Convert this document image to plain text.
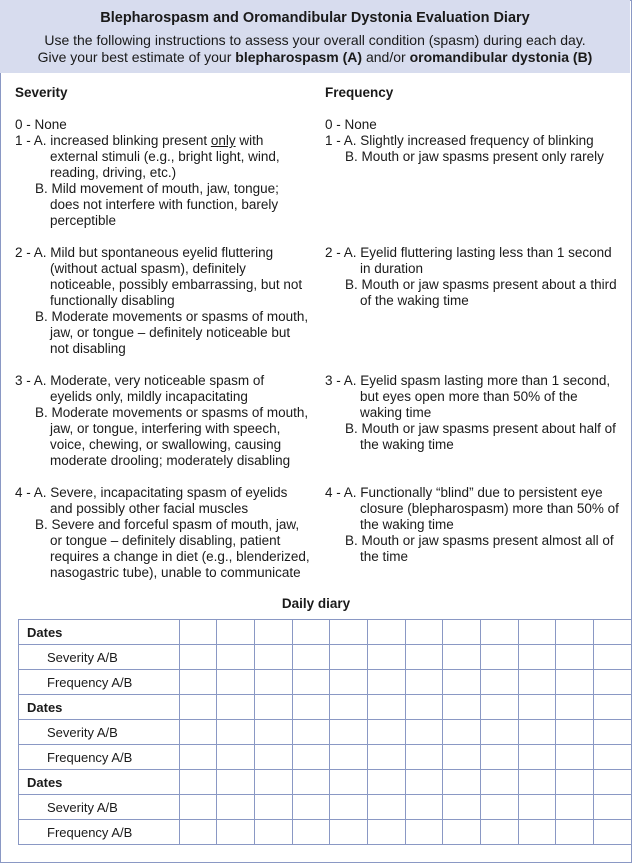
Blepharospasm and Oromandibular Dystonia Evaluation Diary
Use the following instructions to assess your overall condition (spasm) during each day.
Give your best estimate of your blepharospasm (A) and/or oromandibular dystonia (B)
Severity
0 - None
1 - A. increased blinking present only with
external stimuli (e.g., bright light, wind,
reading, driving, etc.)
B. Mild movement of mouth, jaw, tongue;
does not interfere with function, barely
perceptible
2 - A. Mild but spontaneous eyelid fluttering
(without actual spasm), definitely
noticeable, possibly embarrassing, but not
functionally disabling
B. Moderate movements or spasms of mouth,
jaw, or tongue – definitely noticeable but
not disabling
3 - A. Moderate, very noticeable spasm of
eyelids only, mildly incapacitating
B. Moderate movements or spasms of mouth,
jaw, or tongue, interfering with speech,
voice, chewing, or swallowing, causing
moderate drooling; moderately disabling
4 - A. Severe, incapacitating spasm of eyelids
and possibly other facial muscles
B. Severe and forceful spasm of mouth, jaw,
or tongue – definitely disabling, patient
requires a change in diet (e.g., blenderized,
nasogastric tube), unable to communicate
Frequency
0 - None
1 - A. Slightly increased frequency of blinking
B. Mouth or jaw spasms present only rarely
2 - A. Eyelid fluttering lasting less than 1 second
in duration
B. Mouth or jaw spasms present about a third
of the waking time
3 - A. Eyelid spasm lasting more than 1 second,
but eyes open more than 50% of the
waking time
B. Mouth or jaw spasms present about half of
the waking time
4 - A. Functionally “blind” due to persistent eye
closure (blepharospasm) more than 50% of
the waking time
B. Mouth or jaw spasms present almost all of
the time
Daily diary
Dates												
Severity A/B												
Frequency A/B												
Dates												
Severity A/B												
Frequency A/B												
Dates												
Severity A/B												
Frequency A/B												
